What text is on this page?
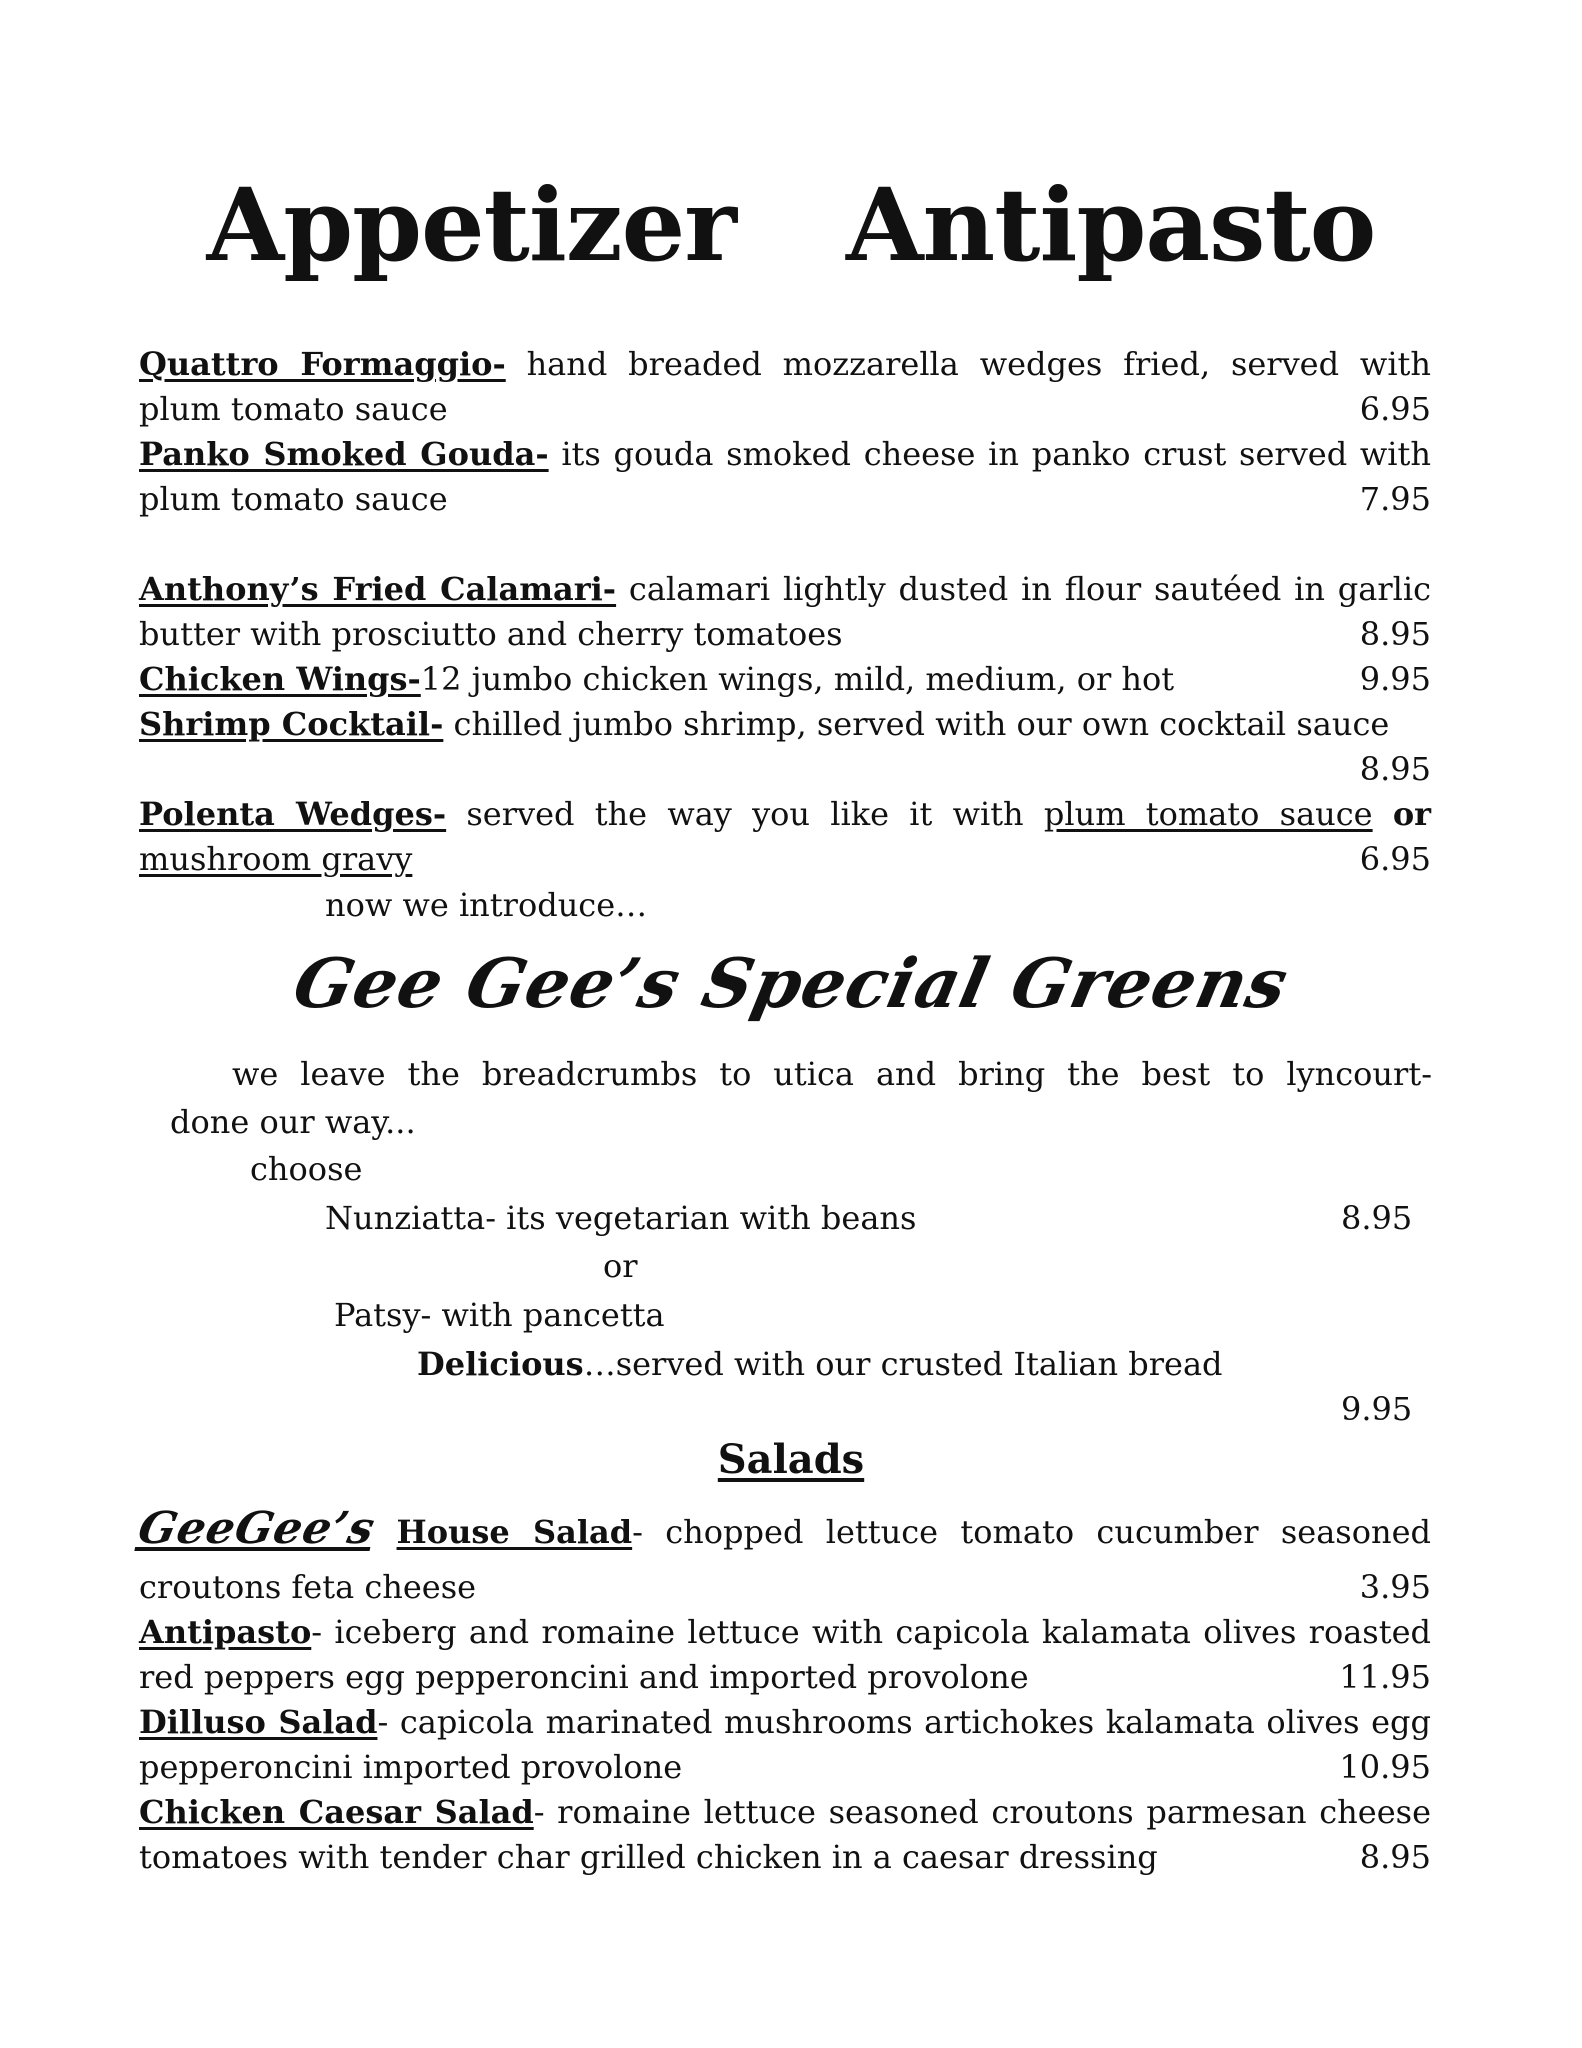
Appetizer Antipasto
Quattro Formaggio- hand breaded mozzarella wedges fried, served with
plum tomato sauce	6.95
Panko Smoked Gouda- its gouda smoked cheese in panko crust served with
plum tomato sauce	7.95
Anthony’s Fried Calamari- calamari lightly dusted in flour sautéed in garlic
butter with prosciutto and cherry tomatoes	8.95
Chicken Wings-12 jumbo chicken wings, mild, medium, or hot	9.95
Shrimp Cocktail- chilled jumbo shrimp, served with our own cocktail sauce
8.95
Polenta Wedges- served the way you like it with plum tomato sauce or
mushroom gravy	6.95
now we introduce…
Gee Gee’s Special Greens
we leave the breadcrumbs to utica and bring the best to lyncourt-
done our way...
choose
Nunziatta- its vegetarian with beans	8.95
or
Patsy- with pancetta
Delicious…served with our crusted Italian bread
9.95
Salads
GeeGee’s House Salad- chopped lettuce tomato cucumber seasoned
croutons feta cheese	3.95
Antipasto- iceberg and romaine lettuce with capicola kalamata olives roasted
red peppers egg pepperoncini and imported provolone	11.95
Dilluso Salad- capicola marinated mushrooms artichokes kalamata olives egg
pepperoncini imported provolone	10.95
Chicken Caesar Salad- romaine lettuce seasoned croutons parmesan cheese
tomatoes with tender char grilled chicken in a caesar dressing	8.95
